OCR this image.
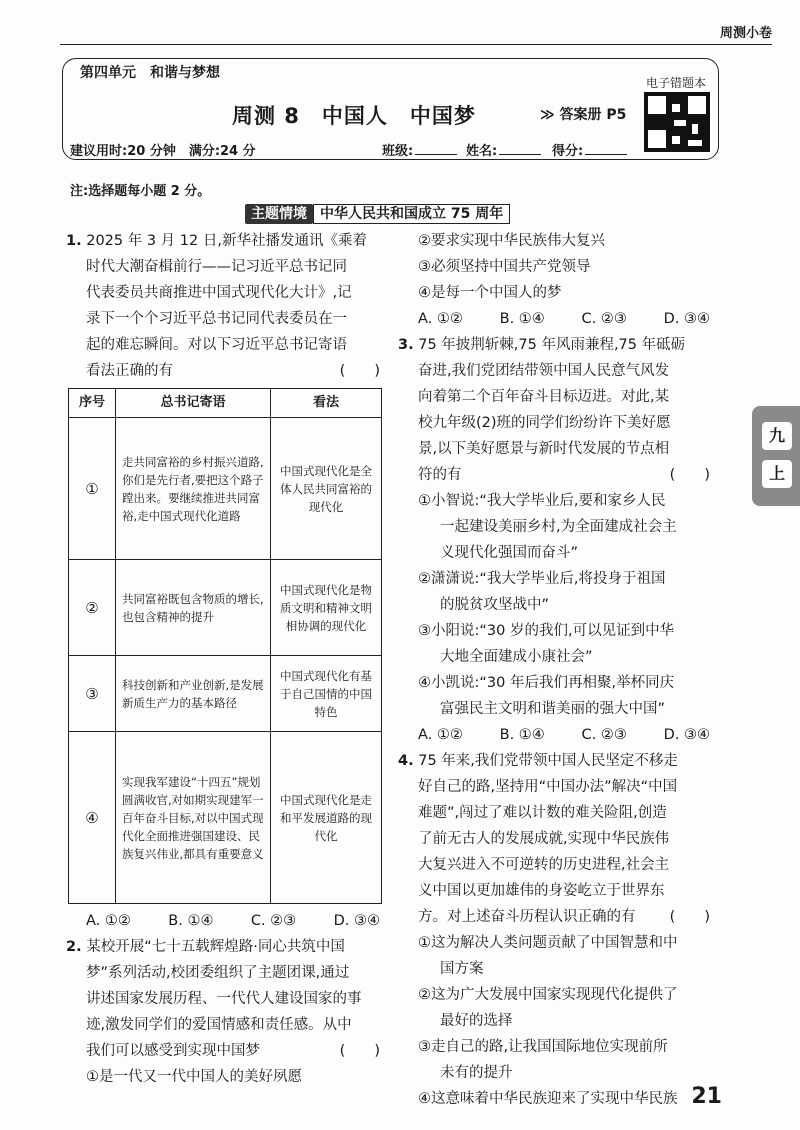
周测小卷
第四单元　和谐与梦想
周测 8　中国人　中国梦	≫ 答案册 P5
电子错题本
建议用时:20 分钟　满分:24 分	班级:	姓名:	得分:
注:选择题每小题 2 分。
主题情境 中华人民共和国成立 75 周年
1. 2025 年 3 月 12 日,新华社播发通讯《乘着
时代大潮奋楫前行——记习近平总书记同
代表委员共商推进中国式现代化大计》,记
录下一个个习近平总书记同代表委员在一
起的难忘瞬间。对以下习近平总书记寄语
看法正确的有	(　　)
序号	总书记寄语	看法
①	走共同富裕的乡村振兴道路,你们是先行者,要把这个路子蹚出来。要继续推进共同富裕,走中国式现代化道路	中国式现代化是全体人民共同富裕的现代化
②	共同富裕既包含物质的增长,也包含精神的提升	中国式现代化是物质文明和精神文明相协调的现代化
③	科技创新和产业创新,是发展新质生产力的基本路径	中国式现代化有基于自己国情的中国特色
④	实现我军建设“十四五”规划圆满收官,对如期实现建军一百年奋斗目标,对以中国式现代化全面推进强国建设、民族复兴伟业,都具有重要意义	中国式现代化是走和平发展道路的现代化
A. ①②	B. ①④	C. ②③	D. ③④
2. 某校开展“七十五载辉煌路·同心共筑中国
梦”系列活动,校团委组织了主题团课,通过
讲述国家发展历程、一代代人建设国家的事
迹,激发同学们的爱国情感和责任感。从中
我们可以感受到实现中国梦	(　　)
①是一代又一代中国人的美好夙愿
②要求实现中华民族伟大复兴
③必须坚持中国共产党领导
④是每一个中国人的梦
A. ①②	B. ①④	C. ②③	D. ③④
3. 75 年披荆斩棘,75 年风雨兼程,75 年砥砺
奋进,我们党团结带领中国人民意气风发
向着第二个百年奋斗目标迈进。对此,某
校九年级(2)班的同学们纷纷许下美好愿
景,以下美好愿景与新时代发展的节点相
符的有	(　　)
①小智说:“我大学毕业后,要和家乡人民
一起建设美丽乡村,为全面建成社会主
义现代化强国而奋斗”
②潇潇说:“我大学毕业后,将投身于祖国
的脱贫攻坚战中”
③小阳说:“30 岁的我们,可以见证到中华
大地全面建成小康社会”
④小凯说:“30 年后我们再相聚,举杯同庆
富强民主文明和谐美丽的强大中国”
A. ①②	B. ①④	C. ②③	D. ③④
4. 75 年来,我们党带领中国人民坚定不移走
好自己的路,坚持用“中国办法”解决“中国
难题”,闯过了难以计数的难关险阻,创造
了前无古人的发展成就,实现中华民族伟
大复兴进入不可逆转的历史进程,社会主
义中国以更加雄伟的身姿屹立于世界东
方。对上述奋斗历程认识正确的有 (　　)
①这为解决人类问题贡献了中国智慧和中
国方案
②这为广大发展中国家实现现代化提供了
最好的选择
③走自己的路,让我国国际地位实现前所
未有的提升
④这意味着中华民族迎来了实现中华民族
九
上
21
